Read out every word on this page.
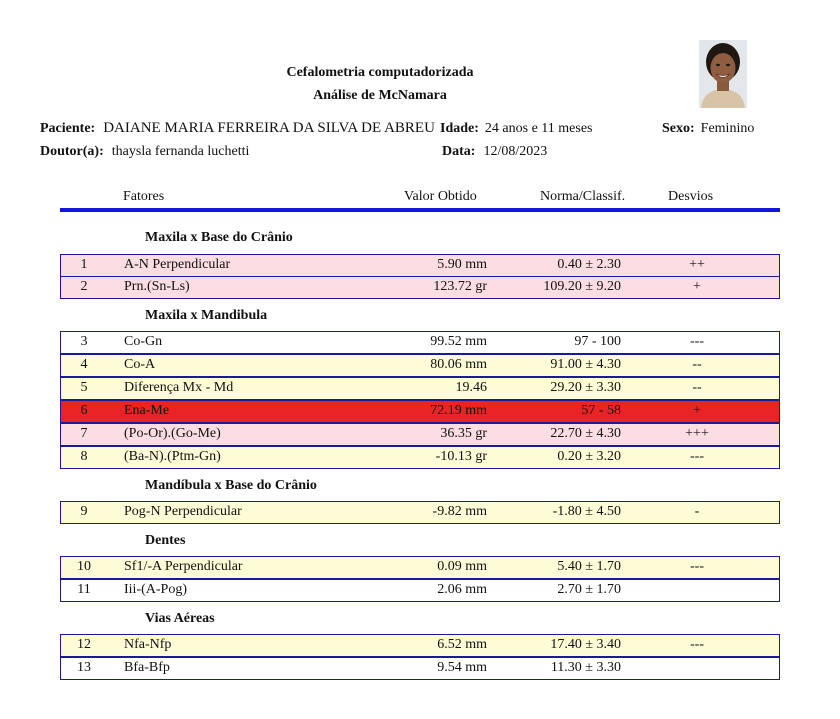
Cefalometria computadorizada
Análise de McNamara
Paciente: DAIANE MARIA FERREIRA DA SILVA DE ABREU Idade: 24 anos e 11 meses	Sexo: Feminino
Doutor(a): thaysla fernanda luchetti	Data: 12/08/2023
Fatores	Valor Obtido	Norma/Classif.	Desvios
Maxila x Base do Crânio
Maxila x Mandibula
Mandíbula x Base do Crânio
Dentes
Vias Aéreas
1	A-N Perpendicular	5.90 mm	0.40 ± 2.30	++
2	Prn.(Sn-Ls)	123.72 gr	109.20 ± 9.20	+
3	Co-Gn	99.52 mm	97 - 100	---
4	Co-A	80.06 mm	91.00 ± 4.30	--
5	Diferença Mx - Md	19.46	29.20 ± 3.30	--
6	Ena-Me	72.19 mm	57 - 58	+
7	(Po-Or).(Go-Me)	36.35 gr	22.70 ± 4.30	+++
8	(Ba-N).(Ptm-Gn)	-10.13 gr	0.20 ± 3.20	---
9	Pog-N Perpendicular	-9.82 mm	-1.80 ± 4.50	-
10	Sf1/-A Perpendicular	0.09 mm	5.40 ± 1.70	---
11	Iii-(A-Pog)	2.06 mm	2.70 ± 1.70
12	Nfa-Nfp	6.52 mm	17.40 ± 3.40	---
13	Bfa-Bfp	9.54 mm	11.30 ± 3.30
